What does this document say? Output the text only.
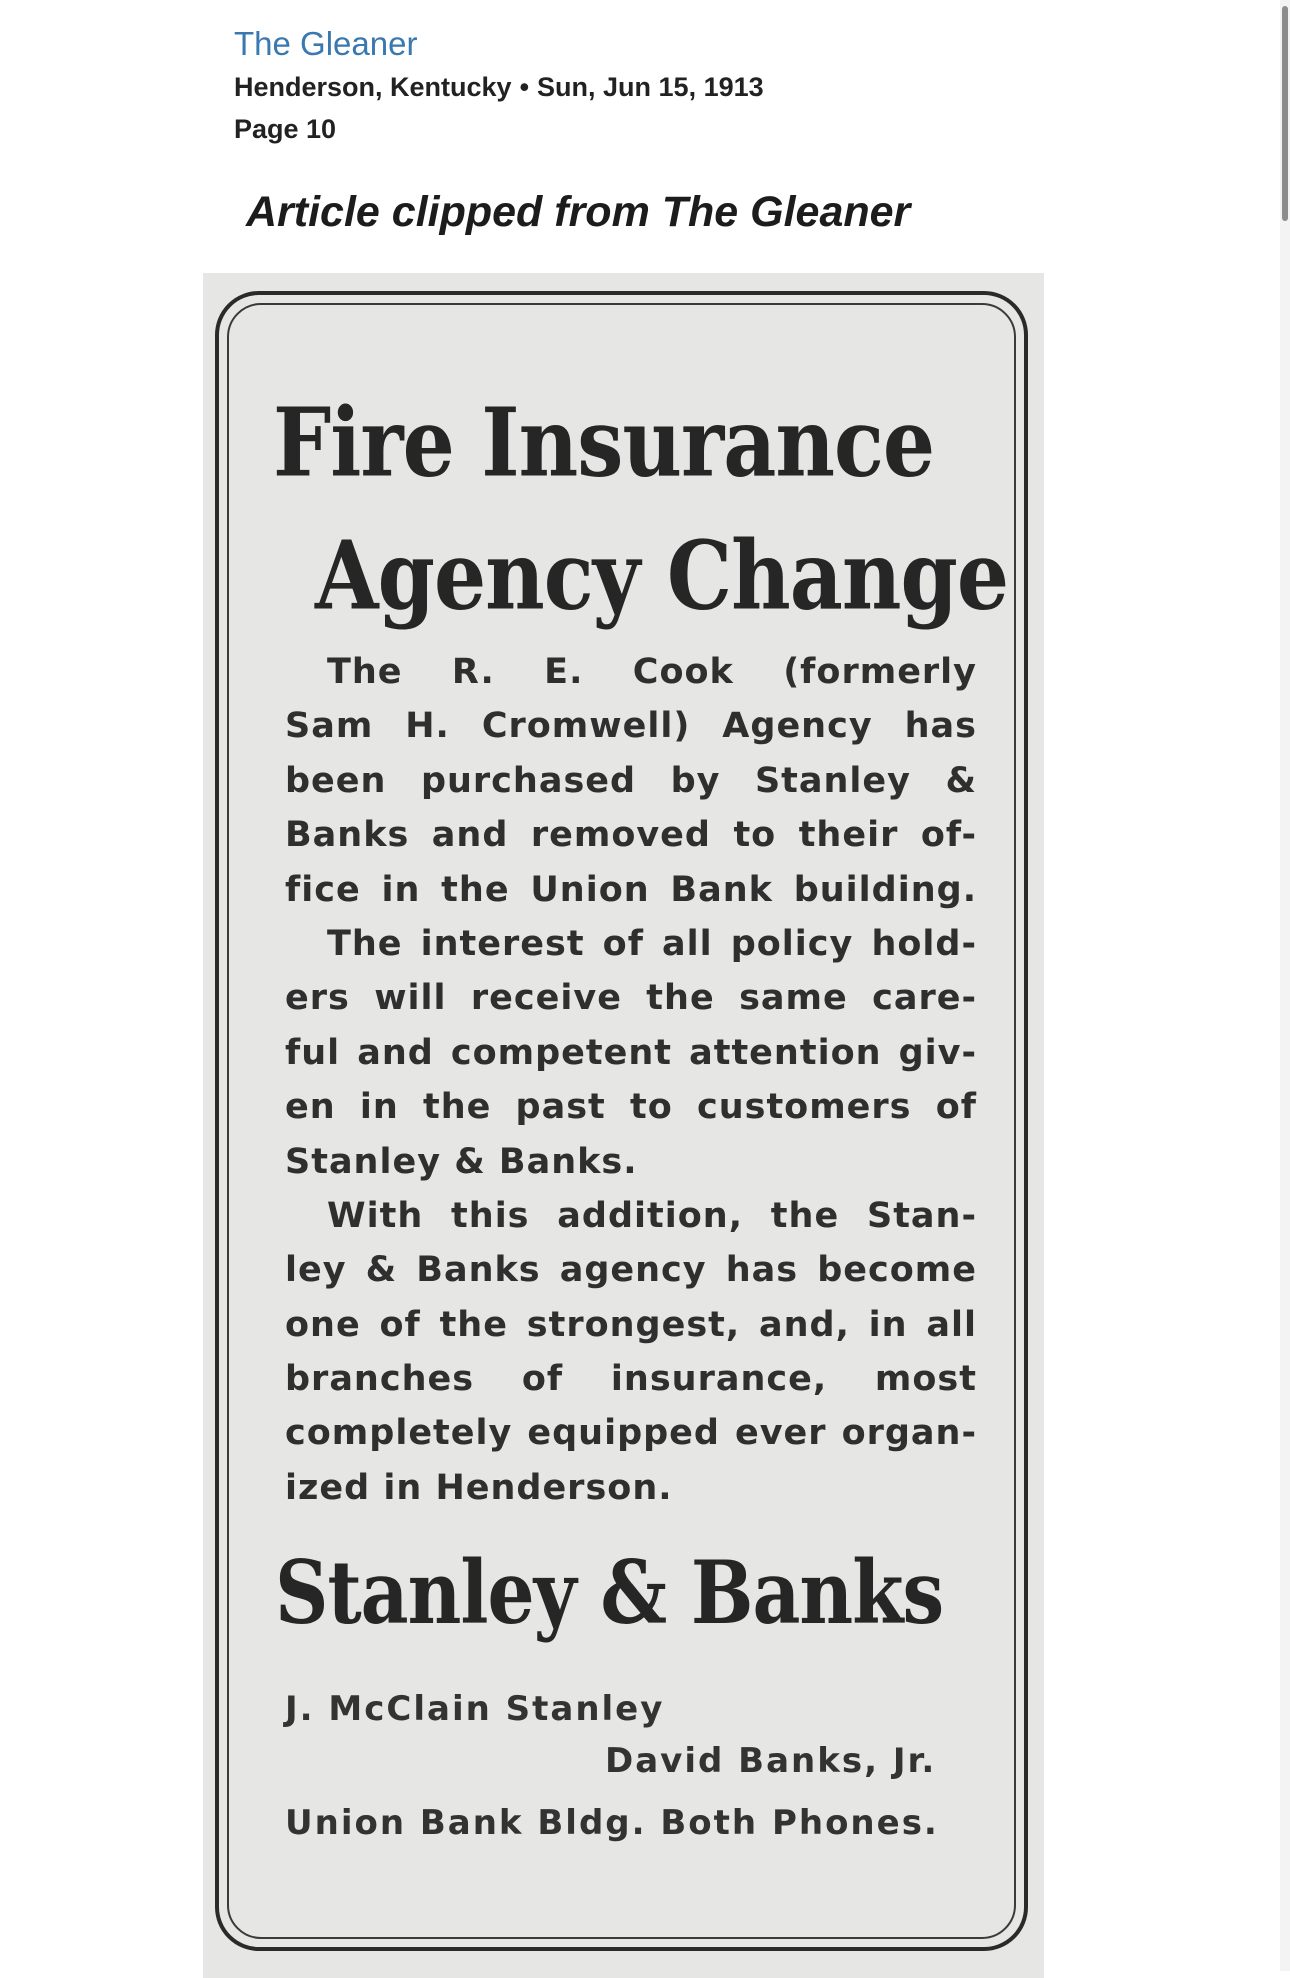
The Gleaner
Henderson, Kentucky • Sun, Jun 15, 1913
Page 10
Article clipped from The Gleaner
Fire Insurance
Agency Change
The R. E. Cook (formerly
Sam H. Cromwell) Agency has
been purchased by Stanley &
Banks and removed to their of-
fice in the Union Bank building.
The interest of all policy hold-
ers will receive the same care-
ful and competent attention giv-
en in the past to customers of
Stanley & Banks.
With this addition, the Stan-
ley & Banks agency has become
one of the strongest, and, in all
branches of insurance, most
completely equipped ever organ-
ized in Henderson.
Stanley & Banks
J. McClain Stanley
David Banks, Jr.
Union Bank Bldg. Both Phones.
